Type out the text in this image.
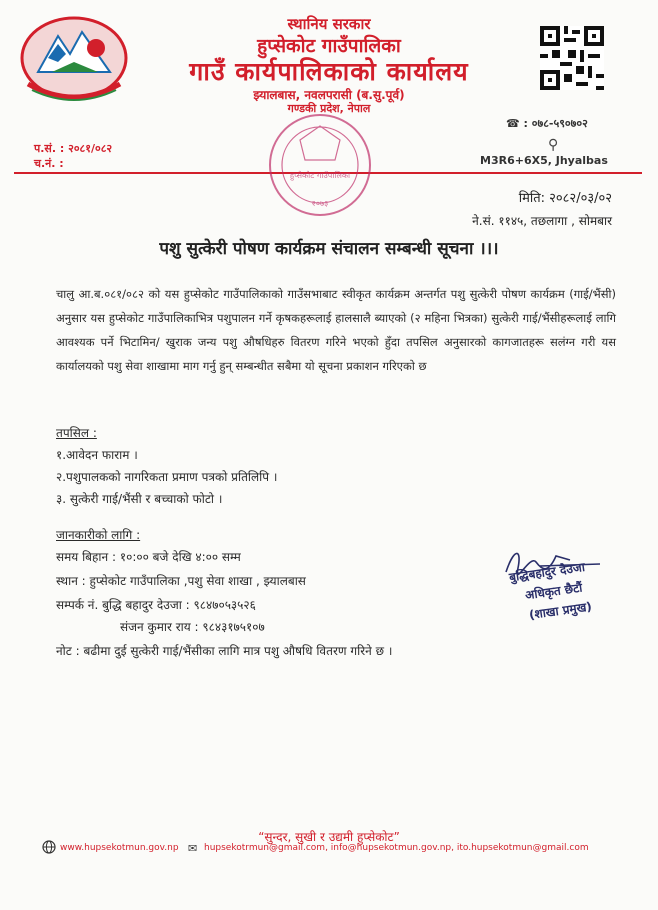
स्थानिय सरकार
हुप्सेकोट गाउँपालिका
गाउँ कार्यपालिकाको कार्यालय
झ्यालबास, नवलपरासी (ब.सु.पूर्व)
गण्डकी प्रदेश, नेपाल
☎ : ०७८-५९०७०२
⚲
M3R6+6X5, Jhyalbas
प.सं. : २०८१/०८२
च.नं. :
हुप्सेकोट गाउँपालिका
२०७३	मिति: २०८२/०३/०२
ने.सं. ११४५, तछलागा , सोमबार
पशु सुत्केरी पोषण कार्यक्रम संचालन सम्बन्धी सूचना ।।।
चालु आ.ब.०८१/०८२ को यस हुप्सेकोट गाउँपालिकाको गाउँसभाबाट स्वीकृत कार्यक्रम अन्तर्गत पशु सुत्केरी पोषण कार्यक्रम (गाई/भैंसी) अनुसार यस हुप्सेकोट गाउँपालिकाभित्र पशुपालन गर्ने कृषकहरूलाई हालसालै ब्याएको (२ महिना भित्रका) सुत्केरी गाई/भैंसीहरूलाई लागि आवश्यक पर्ने भिटामिन/ खुराक जन्य पशु औषधिहरु वितरण गरिने भएको हुँदा तपसिल अनुसारको कागजातहरू सलंग्न गरी यस कार्यालयको पशु सेवा शाखामा माग गर्नु हुन् सम्बन्धीत सबैमा यो सूचना प्रकाशन गरिएको छ
तपसिल :
१.आवेदन फाराम ।
२.पशुपालकको नागरिकता प्रमाण पत्रको प्रतिलिपि ।
३. सुत्केरी गाई/भैंसी र बच्चाको फोटो ।
जानकारीको लागि :
समय बिहान : १०:०० बजे देखि ४:०० सम्म
स्थान : हुप्सेकोट गाउँपालिका ,पशु सेवा शाखा , झ्यालबास
सम्पर्क नं. बुद्धि बहादुर देउजा : ९८४७०५३५२६
संजन कुमार राय : ९८४३१७५१०७
नोट : बढीमा दुई सुत्केरी गाई/भैंसीका लागि मात्र पशु औषधि वितरण गरिने छ ।
बुद्धिबहादुर देउजा
अधिकृत छैटौं
(शाखा प्रमुख)
“सुन्दर, सुखी र उद्यमी हुप्सेकोट”
www.hupsekotmun.gov.np ✉ hupsekotrmun@gmail.com, info@hupsekotmun.gov.np, ito.hupsekotmun@gmail.com
